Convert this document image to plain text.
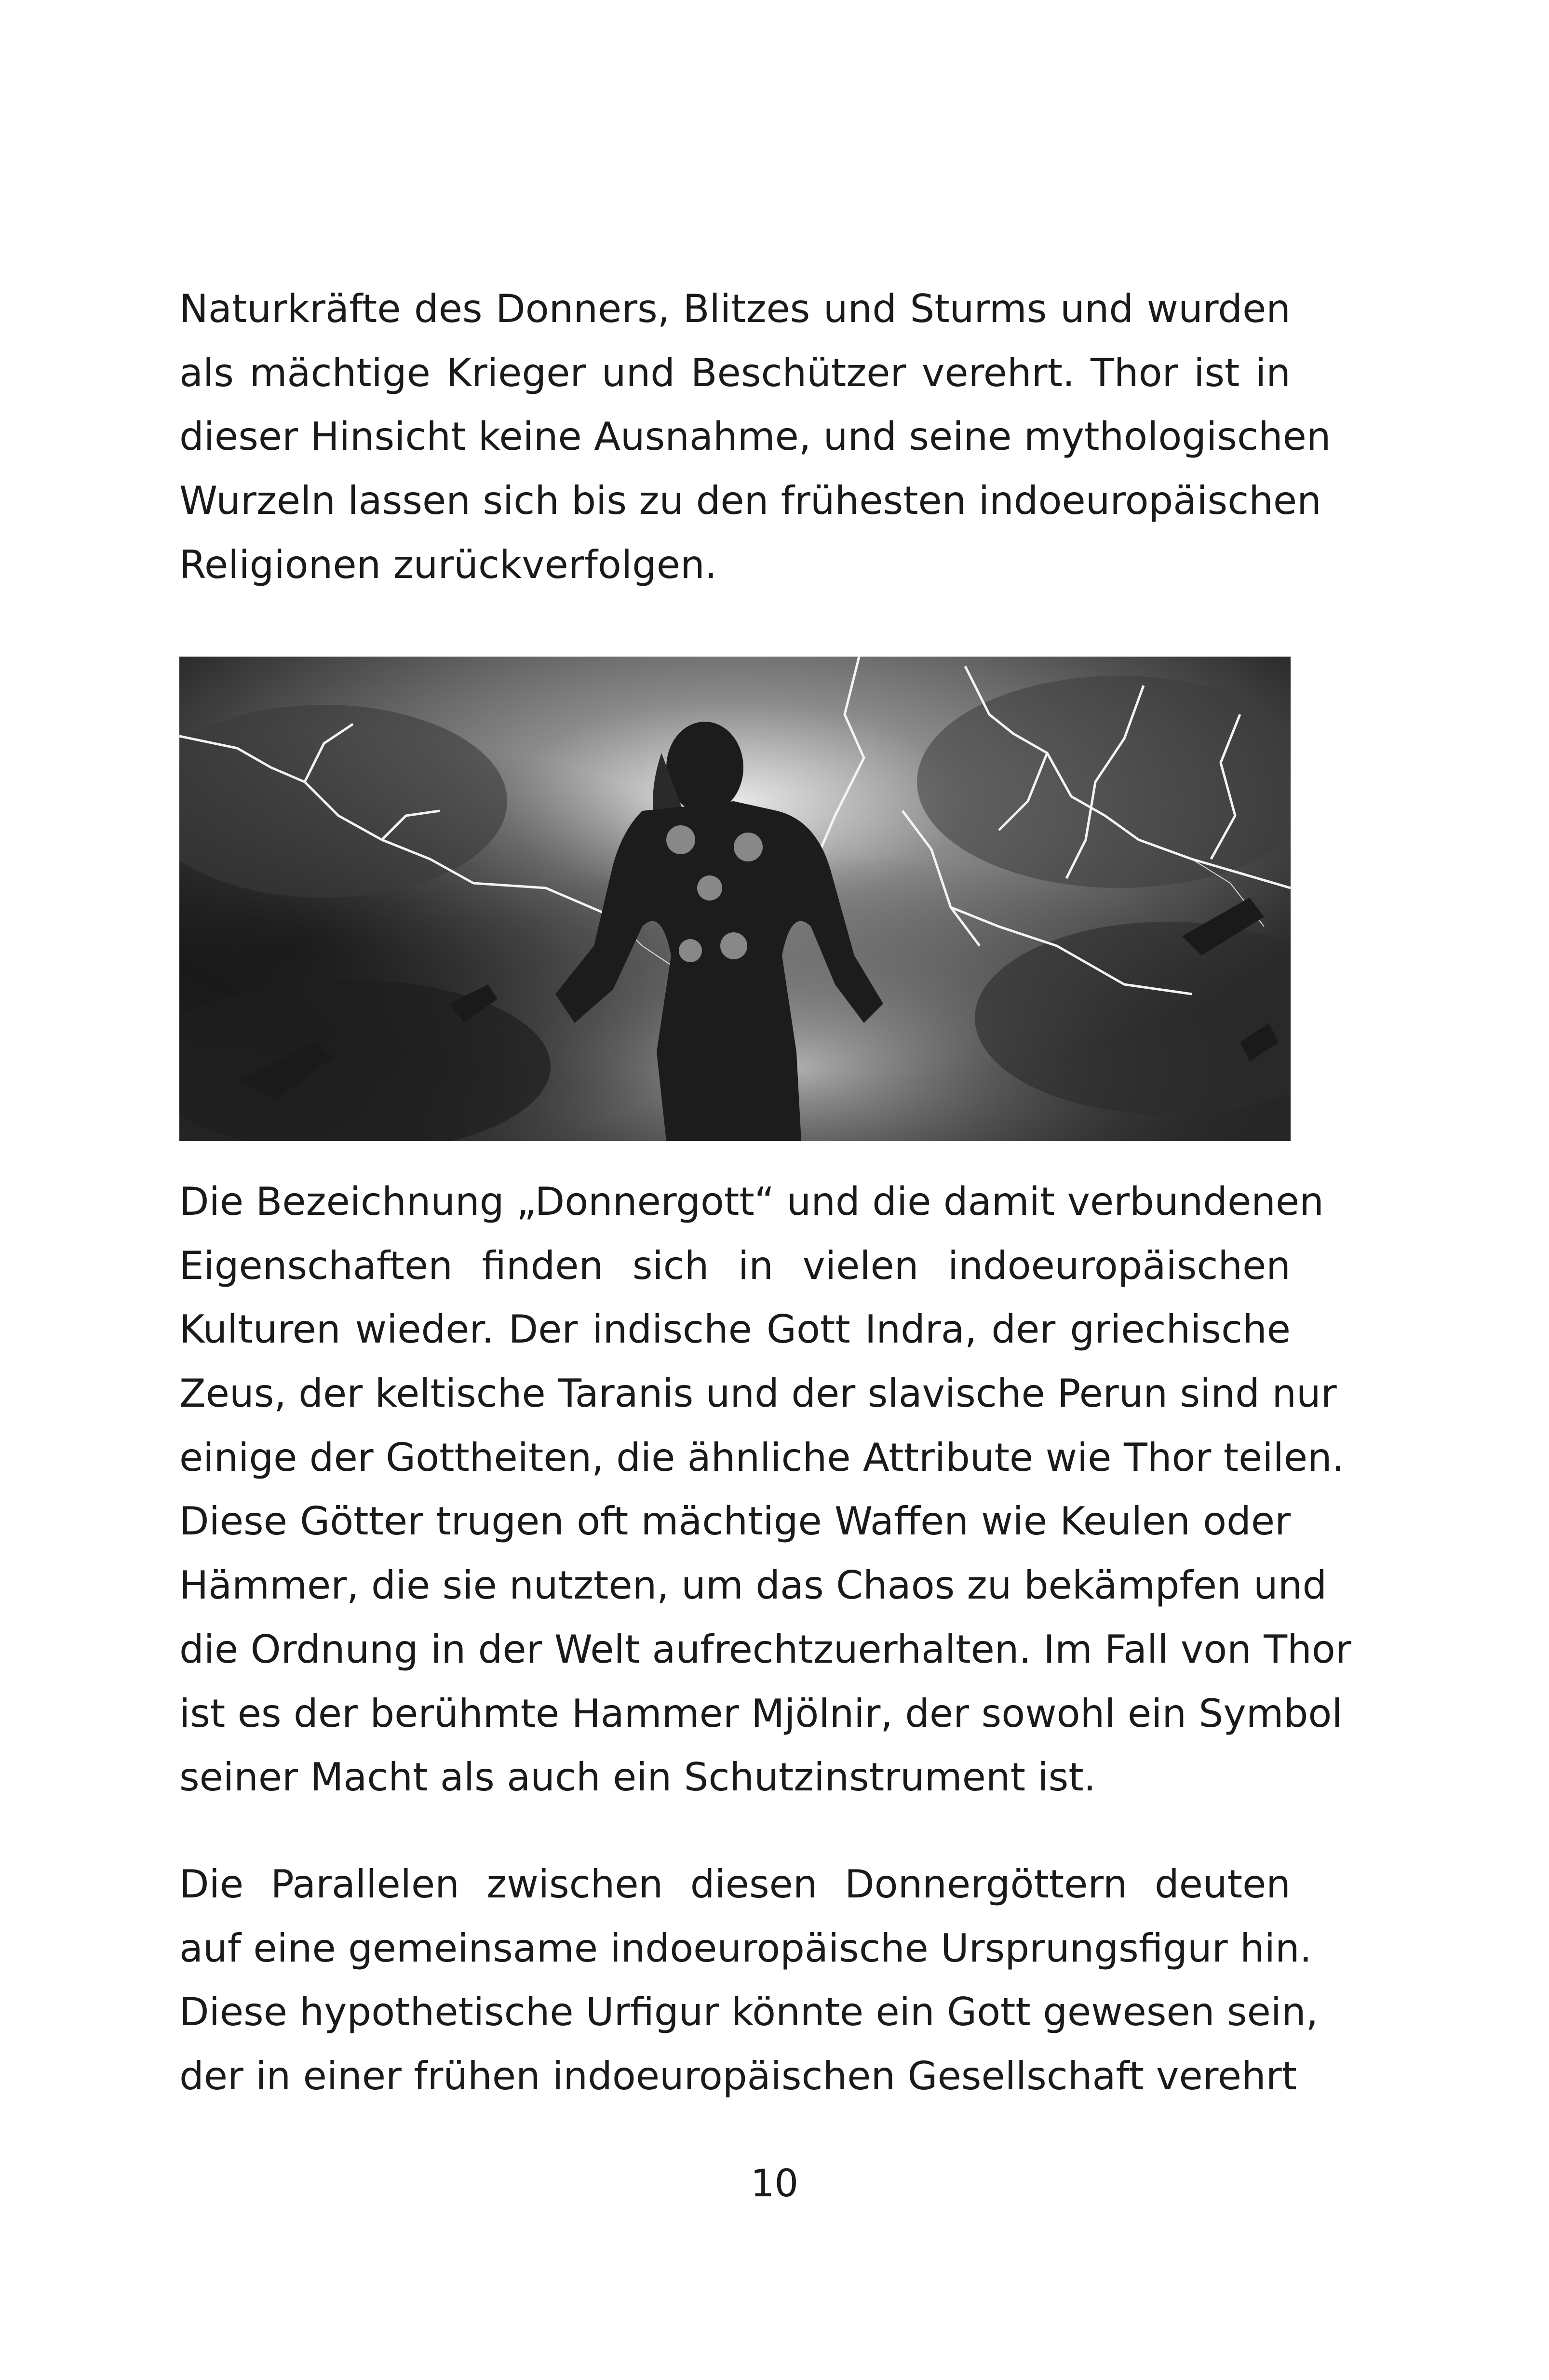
Naturkräfte des Donners, Blitzes und Sturms und wurden
als mächtige Krieger und Beschützer verehrt. Thor ist in
dieser Hinsicht keine Ausnahme, und seine mythologischen
Wurzeln lassen sich bis zu den frühesten indoeuropäischen
Religionen zurückverfolgen.
Die Bezeichnung „Donnergott“ und die damit verbundenen
Eigenschaften finden sich in vielen indoeuropäischen
Kulturen wieder. Der indische Gott Indra, der griechische
Zeus, der keltische Taranis und der slavische Perun sind nur
einige der Gottheiten, die ähnliche Attribute wie Thor teilen.
Diese Götter trugen oft mächtige Waffen wie Keulen oder
Hämmer, die sie nutzten, um das Chaos zu bekämpfen und
die Ordnung in der Welt aufrechtzuerhalten. Im Fall von Thor
ist es der berühmte Hammer Mjölnir, der sowohl ein Symbol
seiner Macht als auch ein Schutzinstrument ist.
Die Parallelen zwischen diesen Donnergöttern deuten
auf eine gemeinsame indoeuropäische Ursprungsfigur hin.
Diese hypothetische Urfigur könnte ein Gott gewesen sein,
der in einer frühen indoeuropäischen Gesellschaft verehrt
10
